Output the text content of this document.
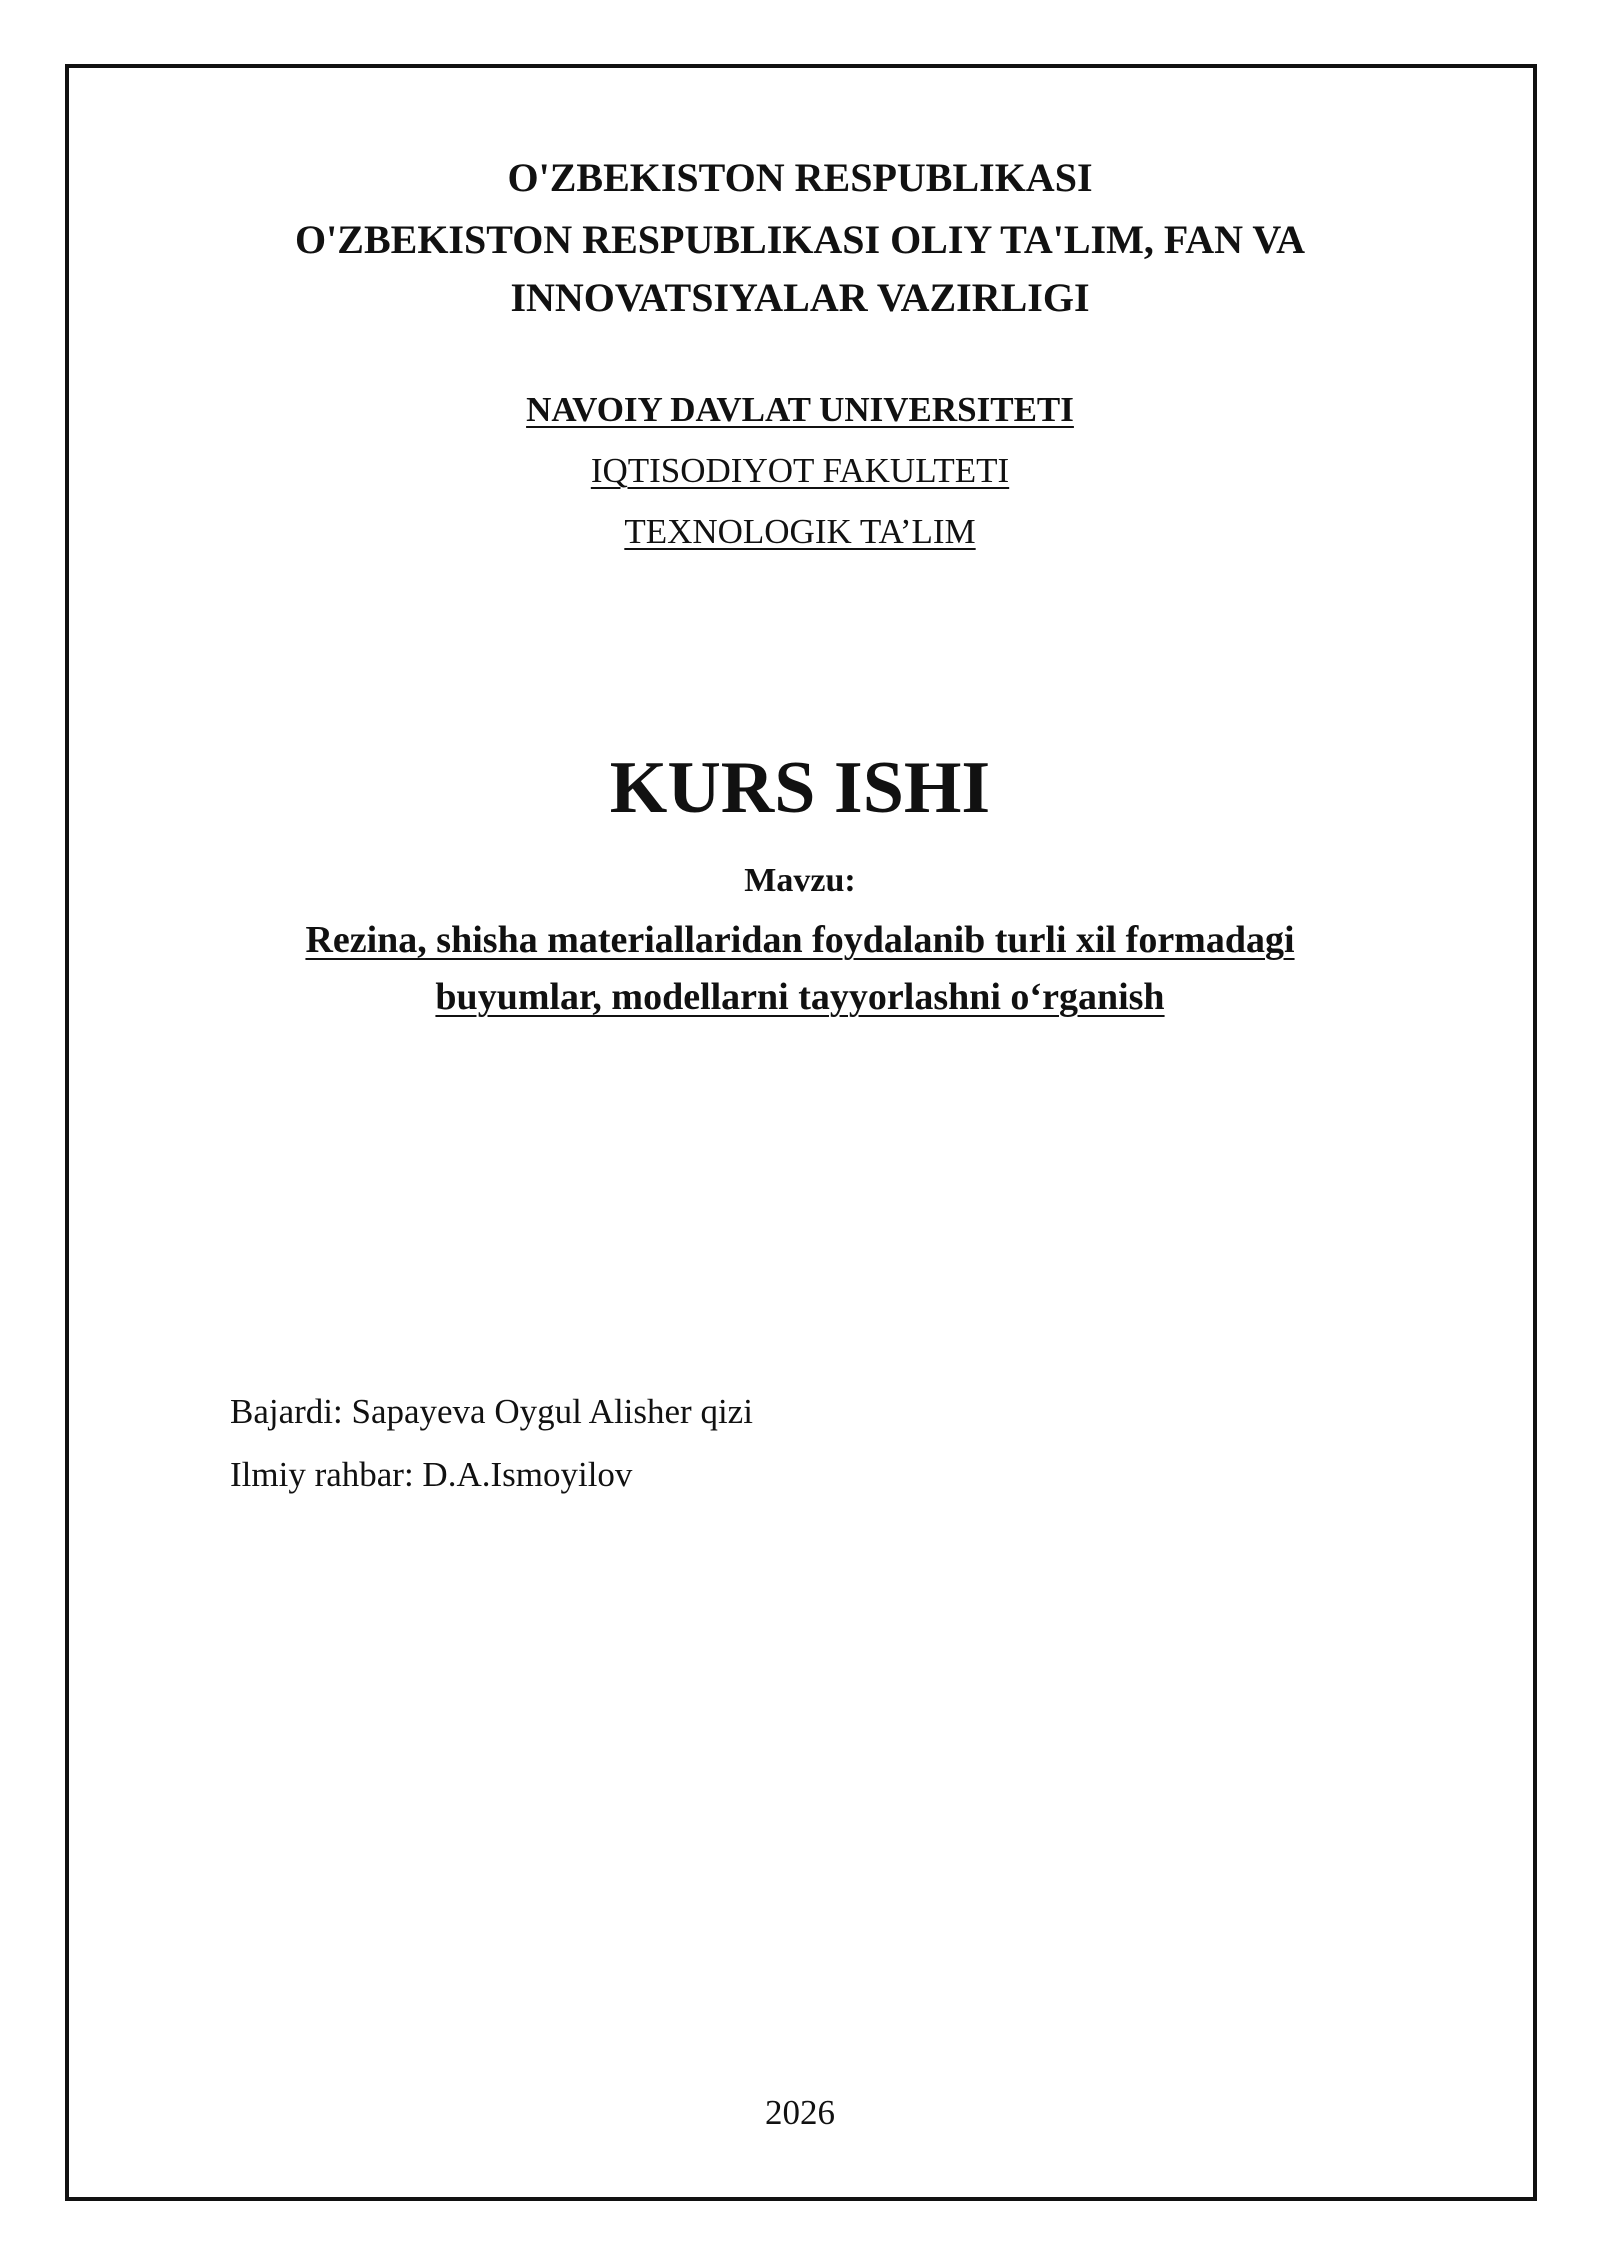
O'ZBEKISTON RESPUBLIKASI
O'ZBEKISTON RESPUBLIKASI OLIY TA'LIM, FAN VA
INNOVATSIYALAR VAZIRLIGI
NAVOIY DAVLAT UNIVERSITETI
IQTISODIYOT FAKULTETI
TEXNOLOGIK TA’LIM
KURS ISHI
Mavzu:
Rezina, shisha materiallaridan foydalanib turli xil formadagi
buyumlar, modellarni tayyorlashni o‘rganish
Bajardi: Sapayeva Oygul Alisher qizi
Ilmiy rahbar: D.A.Ismoyilov
2026
